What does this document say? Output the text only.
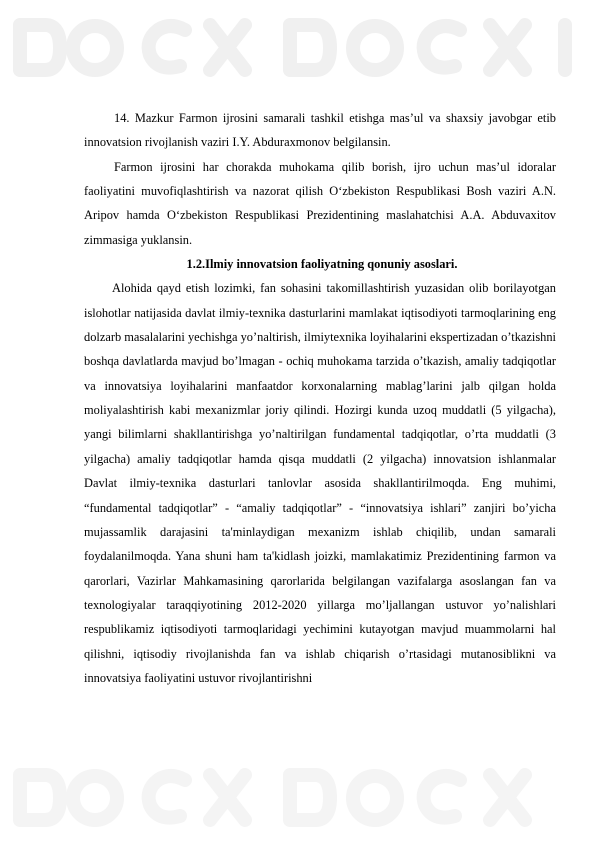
14. Mazkur Farmon ijrosini samarali tashkil etishga mas’ul va shaxsiy javobgar etib innovatsion rivojlanish vaziri I.Y. Abduraxmonov belgilansin.

Farmon ijrosini har chorakda muhokama qilib borish, ijro uchun mas’ul idoralar faoliyatini muvofiqlashtirish va nazorat qilish O‘zbekiston Respublikasi Bosh vaziri A.N. Aripov hamda O‘zbekiston Respublikasi Prezidentining maslahatchisi A.A. Abduvaxitov zimmasiga yuklansin.

1.2.Ilmiy innovatsion faoliyatning qonuniy asoslari.

Alohida qayd etish lozimki, fan sohasini takomillashtirish yuzasidan olib borilayotgan islohotlar natijasida davlat ilmiy-texnika dasturlarini mamlakat iqtisodiyoti tarmoqlarining eng dolzarb masalalarini yechishga yo’naltirish, ilmiytexnika loyihalarini ekspertizadan o’tkazishni boshqa davlatlarda mavjud bo’lmagan - ochiq muhokama tarzida o’tkazish, amaliy tadqiqotlar va innovatsiya loyihalarini manfaatdor korxonalarning mablag’larini jalb qilgan holda moliyalashtirish kabi mexanizmlar joriy qilindi. Hozirgi kunda uzoq muddatli (5 yilgacha), yangi bilimlarni shakllantirishga yo’naltirilgan fundamental tadqiqotlar, o’rta muddatli (3 yilgacha) amaliy tadqiqotlar hamda qisqa muddatli (2 yilgacha) innovatsion ishlanmalar Davlat ilmiy-texnika dasturlari tanlovlar asosida shakllantirilmoqda. Eng muhimi, “fundamental tadqiqotlar” - “amaliy tadqiqotlar” - “innovatsiya ishlari” zanjiri bo’yicha mujassamlik darajasini ta'minlaydigan mexanizm ishlab chiqilib, undan samarali foydalanilmoqda. Yana shuni ham ta'kidlash joizki, mamlakatimiz Prezidentining farmon va qarorlari, Vazirlar Mahkamasining qarorlarida belgilangan vazifalarga asoslangan fan va texnologiyalar taraqqiyotining 2012-2020 yillarga mo’ljallangan ustuvor yo’nalishlari respublikamiz iqtisodiyoti tarmoqlaridagi yechimini kutayotgan mavjud muammolarni hal qilishni, iqtisodiy rivojlanishda fan va ishlab chiqarish o’rtasidagi mutanosiblikni va innovatsiya faoliyatini ustuvor rivojlantirishni
